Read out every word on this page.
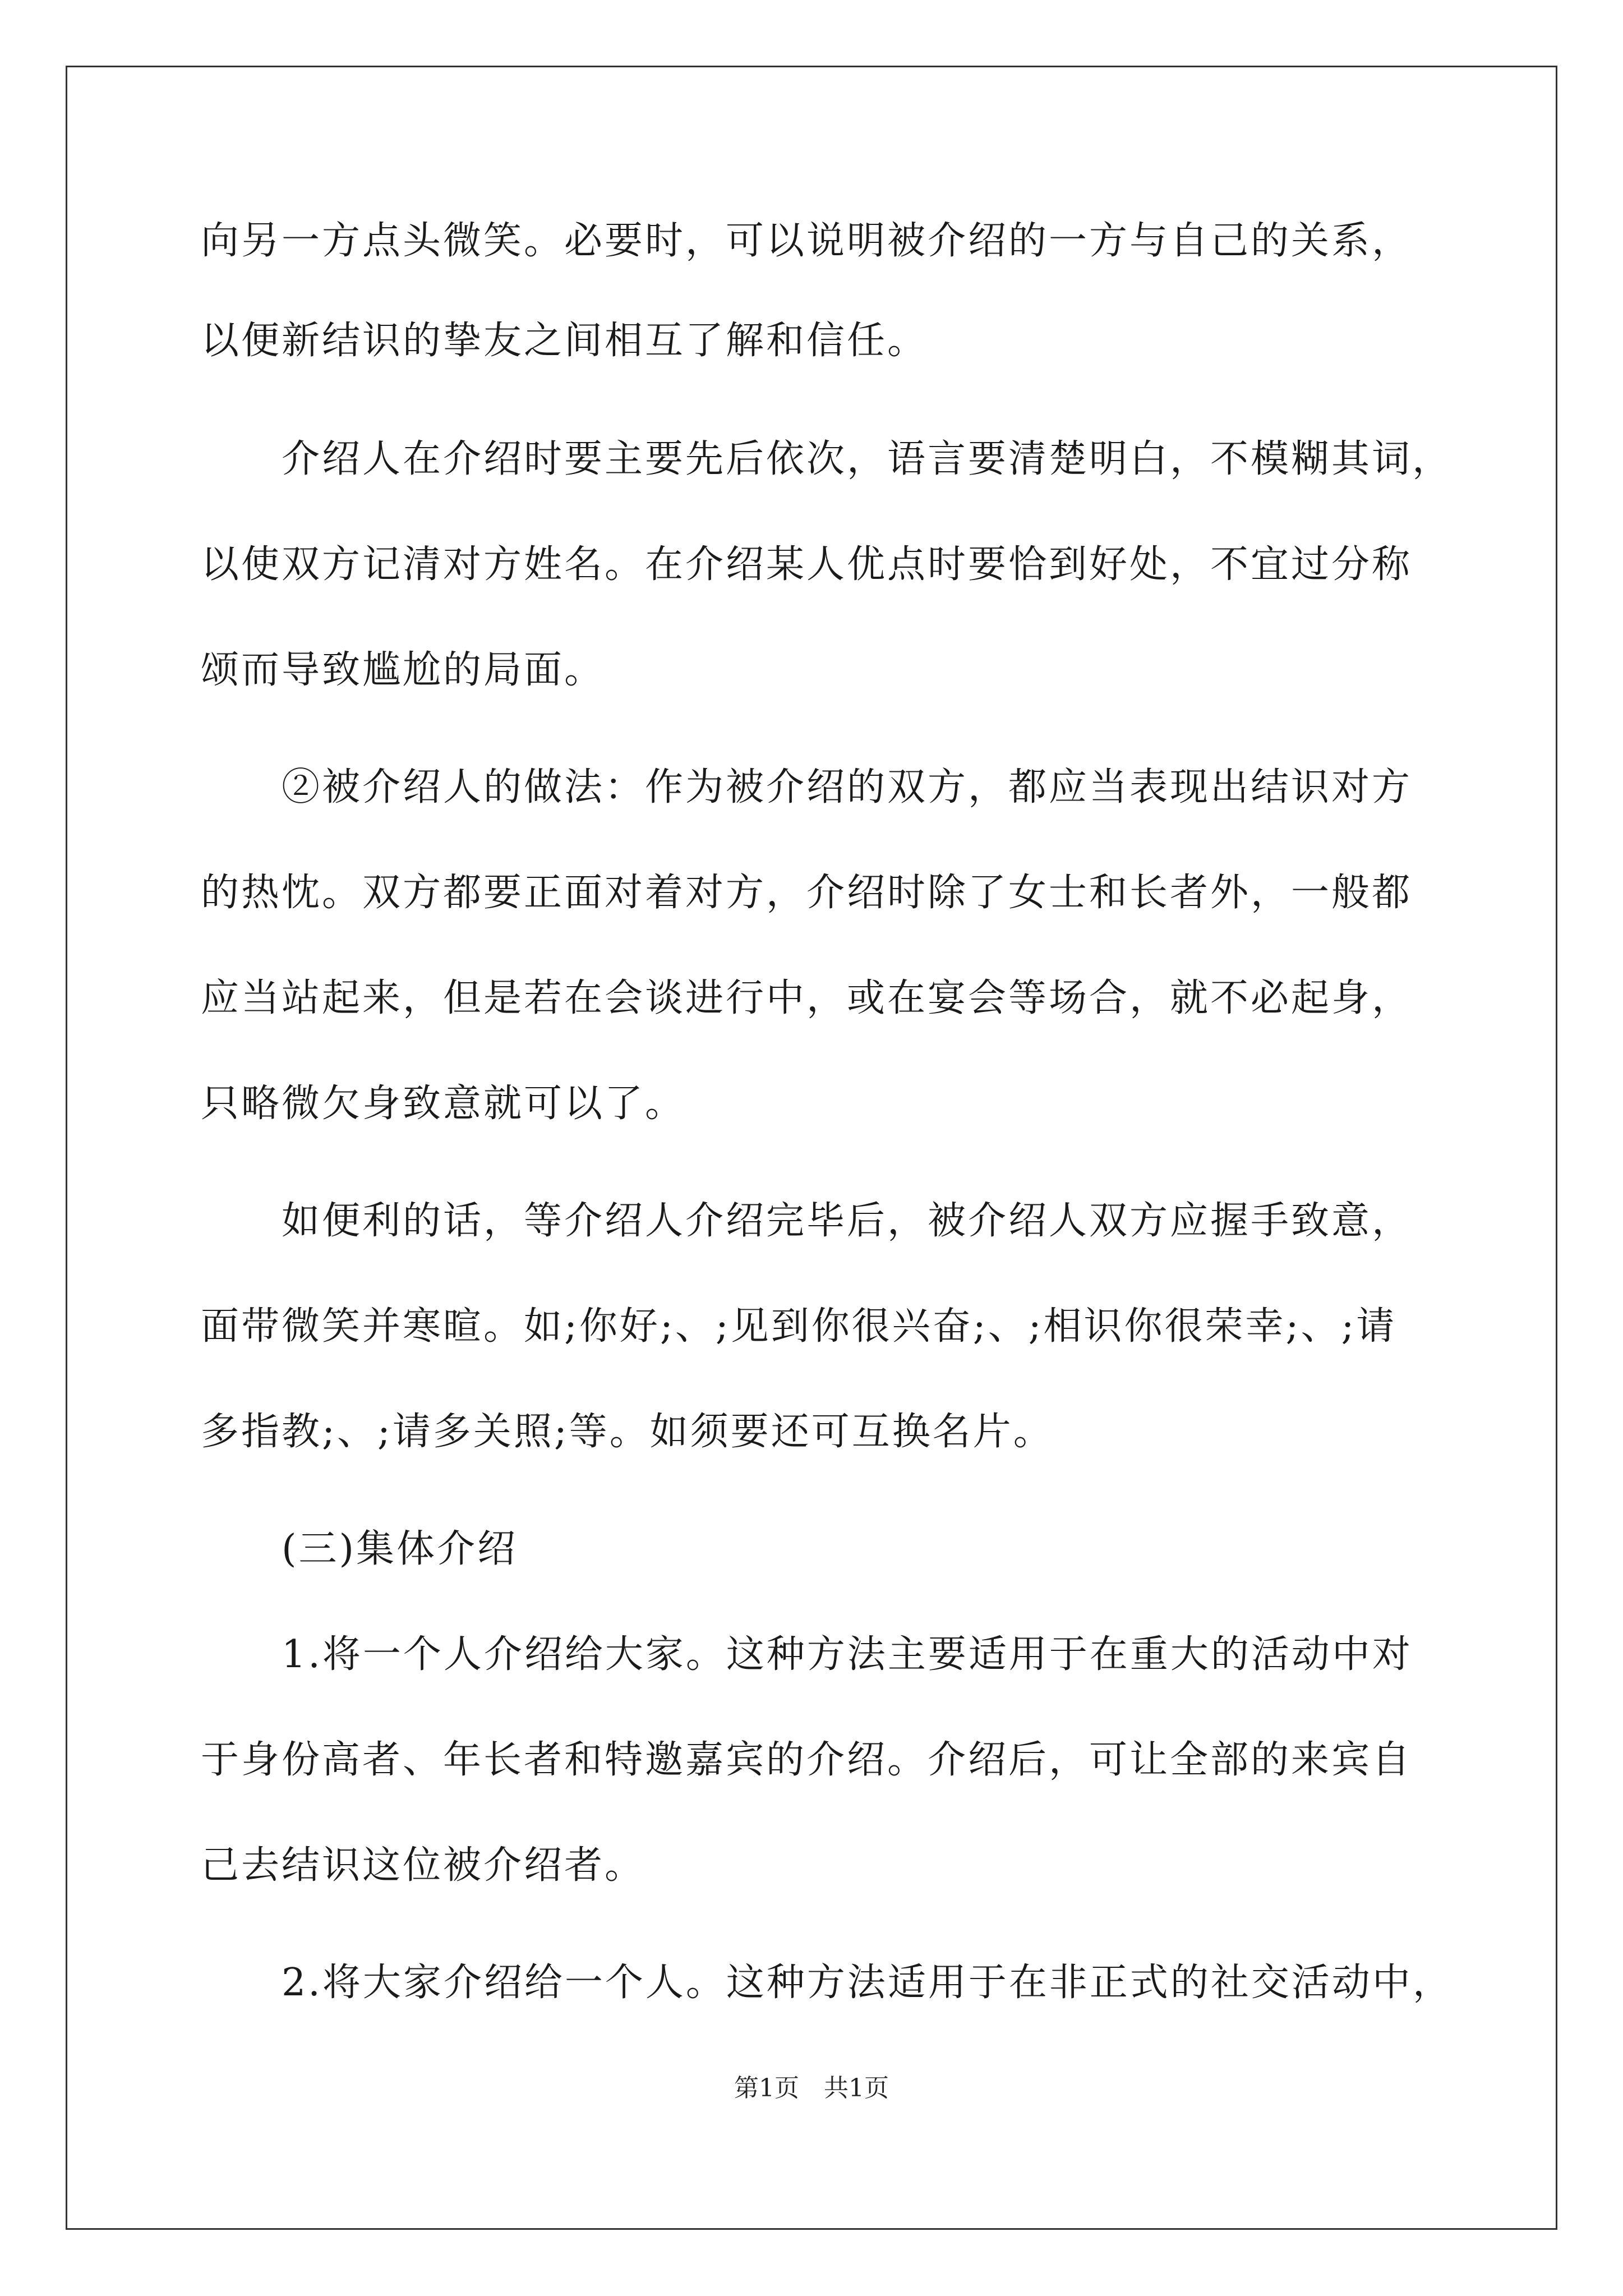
向另一方点头微笑。必要时，可以说明被介绍的一方与自己的关系，
以便新结识的挚友之间相互了解和信任。
　　介绍人在介绍时要主要先后依次，语言要清楚明白，不模糊其词，
以使双方记清对方姓名。在介绍某人优点时要恰到好处，不宜过分称
颂而导致尴尬的局面。
　　②被介绍人的做法：作为被介绍的双方，都应当表现出结识对方
的热忱。双方都要正面对着对方，介绍时除了女士和长者外，一般都
应当站起来，但是若在会谈进行中，或在宴会等场合，就不必起身，
只略微欠身致意就可以了。
　　如便利的话，等介绍人介绍完毕后，被介绍人双方应握手致意，
面带微笑并寒暄。如;你好;、;见到你很兴奋;、;相识你很荣幸;、;请
多指教;、;请多关照;等。如须要还可互换名片。
　　(三)集体介绍
　　1.将一个人介绍给大家。这种方法主要适用于在重大的活动中对
于身份高者、年长者和特邀嘉宾的介绍。介绍后，可让全部的来宾自
己去结识这位被介绍者。
　　2.将大家介绍给一个人。这种方法适用于在非正式的社交活动中，
第1页　共1页
